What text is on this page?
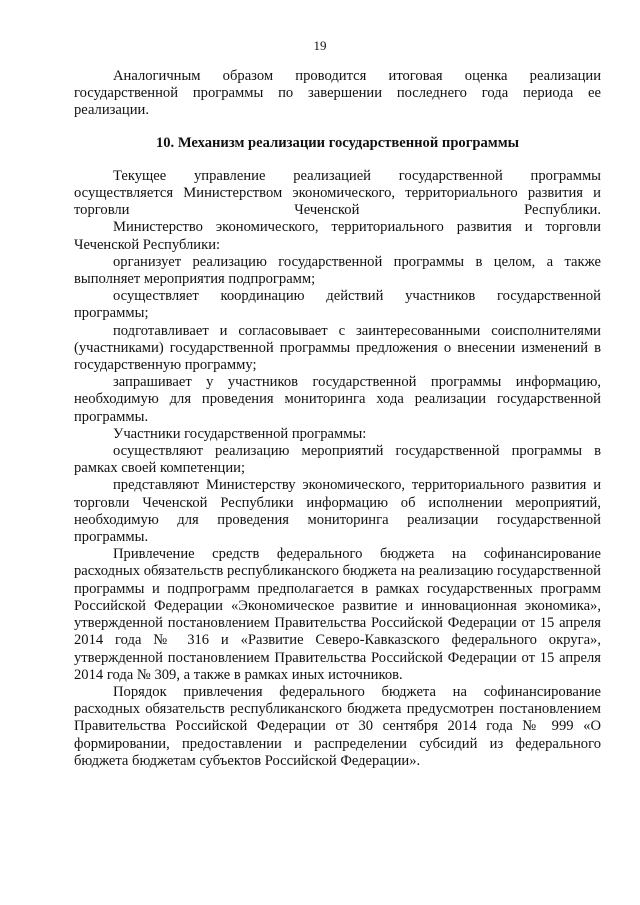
19

Аналогичным образом проводится итоговая оценка реализации государственной программы по завершении последнего года периода ее реализации.

10. Механизм реализации государственной программы

Текущее управление реализацией государственной программы осуществляется Министерством экономического, территориального развития и торговли Чеченской Республики.

Министерство экономического, территориального развития и торговли Чеченской Республики:

организует реализацию государственной программы в целом, а также выполняет мероприятия подпрограмм;

осуществляет координацию действий участников государственной программы;

подготавливает и согласовывает с заинтересованными соисполнителями (участниками) государственной программы предложения о внесении изменений в государственную программу;

запрашивает у участников государственной программы информацию, необходимую для проведения мониторинга хода реализации государственной программы.

Участники государственной программы:

осуществляют реализацию мероприятий государственной программы в рамках своей компетенции;

представляют Министерству экономического, территориального развития и торговли Чеченской Республики информацию об исполнении мероприятий, необходимую для проведения мониторинга реализации государственной программы.

Привлечение средств федерального бюджета на софинансирование расходных обязательств республиканского бюджета на реализацию государственной программы и подпрограмм предполагается в рамках государственных программ Российской Федерации «Экономическое развитие и инновационная экономика», утвержденной постановлением Правительства Российской Федерации от 15 апреля 2014 года № 316 и «Развитие Северо-Кавказского федерального округа», утвержденной постановлением Правительства Российской Федерации от 15 апреля 2014 года № 309, а также в рамках иных источников.

Порядок привлечения федерального бюджета на софинансирование расходных обязательств республиканского бюджета предусмотрен постановлением Правительства Российской Федерации от 30 сентября 2014 года № 999 «О формировании, предоставлении и распределении субсидий из федерального бюджета бюджетам субъектов Российской Федерации».
